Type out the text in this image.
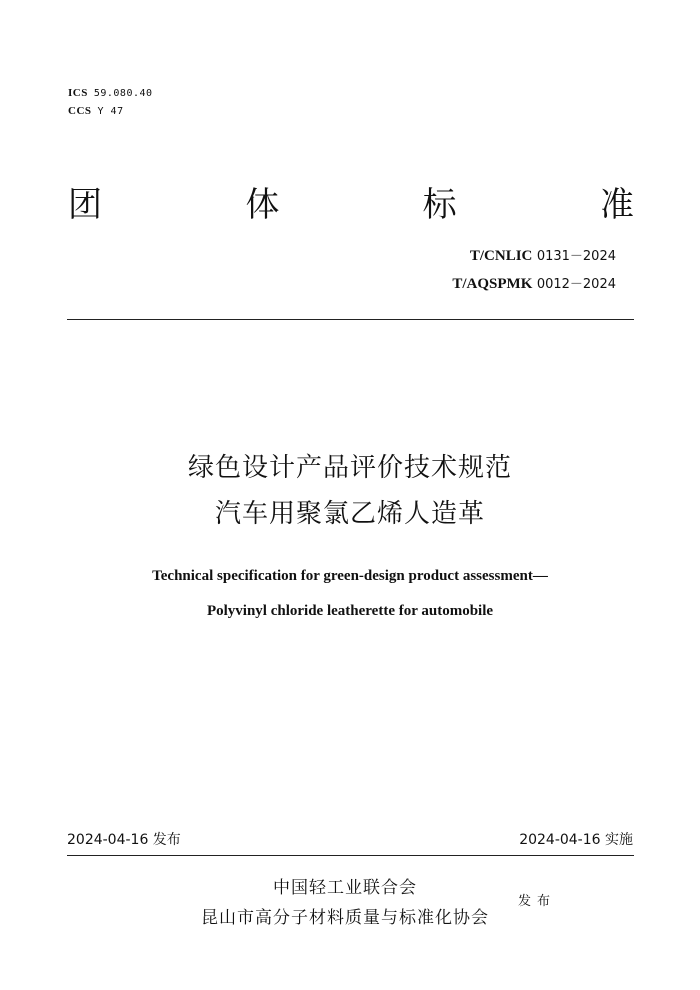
ICS 59.080.40
CCS Y 47
团	体	标	准
T/CNLIC 0131－2024
T/AQSPMK 0012－2024
绿色设计产品评价技术规范
汽车用聚氯乙烯人造革
Technical specification for green-design product assessment—
Polyvinyl chloride leatherette for automobile
2024-04-16 发布	2024-04-16 实施
中国轻工业联合会
昆山市高分子材料质量与标准化协会
发布
